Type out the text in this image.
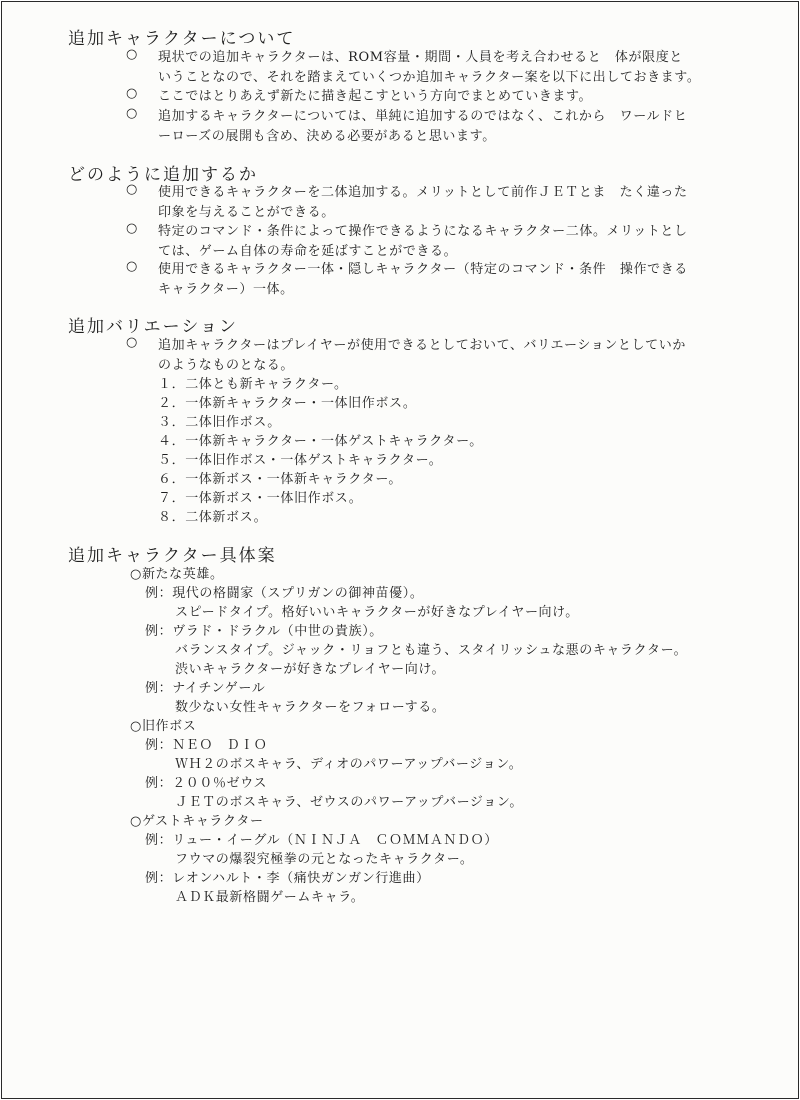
追加キャラクターについて
○ 現状での追加キャラクターは、ROM容量・期間・人員を考え合わせると　体が限度と
いうことなので、それを踏まえていくつか追加キャラクター案を以下に出しておきます。
○ ここではとりあえず新たに描き起こすという方向でまとめていきます。
○ 追加するキャラクターについては、単純に追加するのではなく、これから　ワールドヒ
ーローズの展開も含め、決める必要があると思います。
どのように追加するか
○ 使用できるキャラクターを二体追加する。メリットとして前作ＪＥＴとま　たく違った
印象を与えることができる。
○ 特定のコマンド・条件によって操作できるようになるキャラクター二体。メリットとし
ては、ゲーム自体の寿命を延ばすことができる。
○ 使用できるキャラクター一体・隠しキャラクター（特定のコマンド・条件　操作できる
キャラクター）一体。
追加バリエーション
○ 追加キャラクターはプレイヤーが使用できるとしておいて、バリエーションとしていか
のようなものとなる。
１．二体とも新キャラクター。
２．一体新キャラクター・一体旧作ボス。
３．二体旧作ボス。
４．一体新キャラクター・一体ゲストキャラクター。
５．一体旧作ボス・一体ゲストキャラクター。
６．一体新ボス・一体新キャラクター。
７．一体新ボス・一体旧作ボス。
８．二体新ボス。
追加キャラクター具体案
○新たな英雄。
例：現代の格闘家（スプリガンの御神苗優）。
スピードタイプ。格好いいキャラクターが好きなプレイヤー向け。
例：ヴラド・ドラクル（中世の貴族）。
バランスタイプ。ジャック・リョフとも違う、スタイリッシュな悪のキャラクター。
渋いキャラクターが好きなプレイヤー向け。
例：ナイチンゲール
数少ない女性キャラクターをフォローする。
○旧作ボス
例：ＮＥＯ　ＤＩＯ
ＷＨ２のボスキャラ、ディオのパワーアップバージョン。
例：２００％ゼウス
ＪＥＴのボスキャラ、ゼウスのパワーアップバージョン。
○ゲストキャラクター
例：リュー・イーグル（ＮＩＮＪＡ　ＣＯＭＭＡＮＤＯ）
フウマの爆裂究極拳の元となったキャラクター。
例：レオンハルト・李（痛快ガンガン行進曲）
ＡＤＫ最新格闘ゲームキャラ。
